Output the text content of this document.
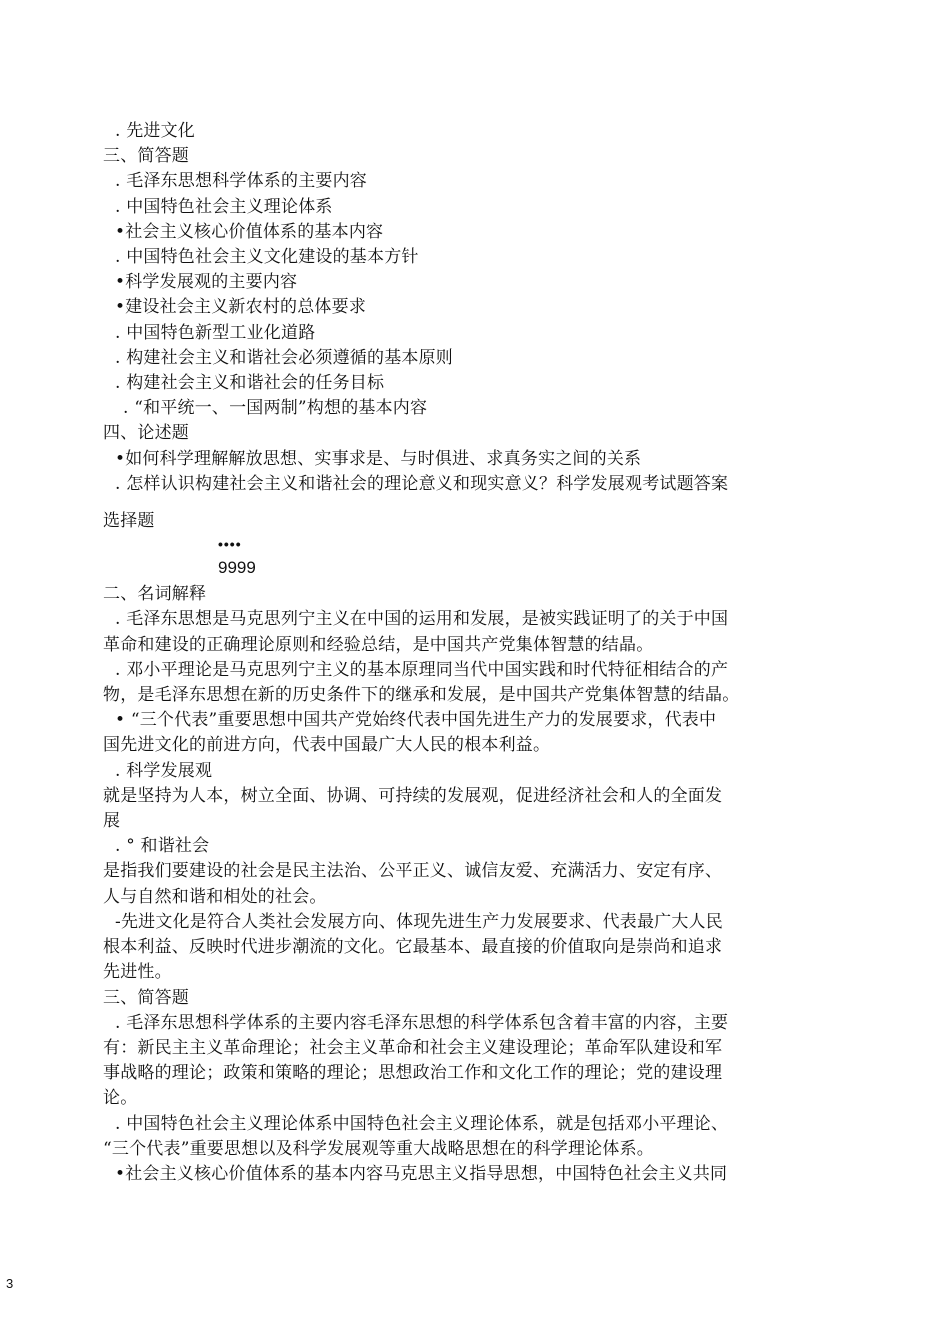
. 先进文化
三、简答题
. 毛泽东思想科学体系的主要内容
. 中国特色社会主义理论体系
•社会主义核心价值体系的基本内容
. 中国特色社会主义文化建设的基本方针
•科学发展观的主要内容
•建设社会主义新农村的总体要求
. 中国特色新型工业化道路
. 构建社会主义和谐社会必须遵循的基本原则
. 构建社会主义和谐社会的任务目标
. “和平统一、一国两制”构想的基本内容
四、论述题
•如何科学理解解放思想、实事求是、与时俱进、求真务实之间的关系
. 怎样认识构建社会主义和谐社会的理论意义和现实意义？科学发展观考试题答案
选择题
••••
9999
二、名词解释
. 毛泽东思想是马克思列宁主义在中国的运用和发展，是被实践证明了的关于中国
革命和建设的正确理论原则和经验总结，是中国共产党集体智慧的结晶。
. 邓小平理论是马克思列宁主义的基本原理同当代中国实践和时代特征相结合的产
物，是毛泽东思想在新的历史条件下的继承和发展，是中国共产党集体智慧的结晶。
• “三个代表”重要思想中国共产党始终代表中国先进生产力的发展要求，代表中
国先进文化的前进方向，代表中国最广大人民的根本利益。
. 科学发展观
就是坚持为人本，树立全面、协调、可持续的发展观，促进经济社会和人的全面发
展
. ° 和谐社会
是指我们要建设的社会是民主法治、公平正义、诚信友爱、充满活力、安定有序、
人与自然和谐和相处的社会。
-先进文化是符合人类社会发展方向、体现先进生产力发展要求、代表最广大人民
根本利益、反映时代进步潮流的文化。它最基本、最直接的价值取向是崇尚和追求
先进性。
三、简答题
. 毛泽东思想科学体系的主要内容毛泽东思想的科学体系包含着丰富的内容，主要
有：新民主主义革命理论；社会主义革命和社会主义建设理论；革命军队建设和军
事战略的理论；政策和策略的理论；思想政治工作和文化工作的理论；党的建设理
论。
. 中国特色社会主义理论体系中国特色社会主义理论体系，就是包括邓小平理论、
“三个代表”重要思想以及科学发展观等重大战略思想在的科学理论体系。
•社会主义核心价值体系的基本内容马克思主义指导思想，中国特色社会主义共同
3
